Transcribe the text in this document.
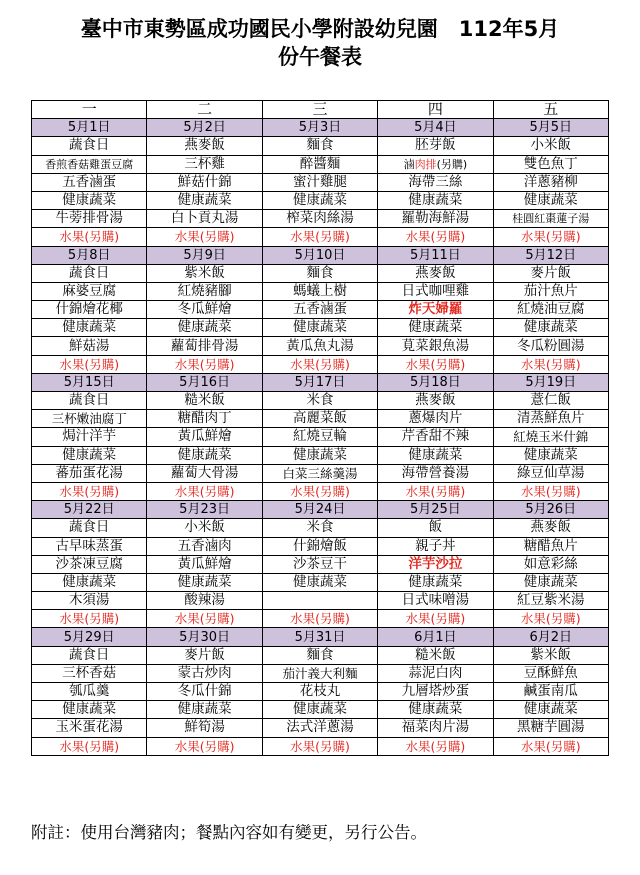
臺中市東勢區成功國民小學附設幼兒園　112年5月
份午餐表
一	二	三	四	五
5月1日	5月2日	5月3日	5月4日	5月5日
蔬食日	燕麥飯	麵食	胚芽飯	小米飯
香煎香菇雞蛋豆腐	三杯雞	醉醬麵	滷肉排(另購)	雙色魚丁
五香滷蛋	鮮菇什錦	蜜汁雞腿	海帶三絲	洋蔥豬柳
健康蔬菜	健康蔬菜	健康蔬菜	健康蔬菜	健康蔬菜
牛蒡排骨湯	白卜貢丸湯	榨菜肉絲湯	羅勒海鮮湯	桂圓紅棗蓮子湯
水果(另購)	水果(另購)	水果(另購)	水果(另購)	水果(另購)
5月8日	5月9日	5月10日	5月11日	5月12日
蔬食日	紫米飯	麵食	燕麥飯	麥片飯
麻婆豆腐	紅燒豬腳	螞蟻上樹	日式咖哩雞	茄汁魚片
什錦燴花椰	冬瓜鮮燴	五香滷蛋	炸天婦羅	紅燒油豆腐
健康蔬菜	健康蔬菜	健康蔬菜	健康蔬菜	健康蔬菜
鮮菇湯	蘿蔔排骨湯	黃瓜魚丸湯	莧菜銀魚湯	冬瓜粉圓湯
水果(另購)	水果(另購)	水果(另購)	水果(另購)	水果(另購)
5月15日	5月16日	5月17日	5月18日	5月19日
蔬食日	糙米飯	米食	燕麥飯	薏仁飯
三杯嫩油腐丁	糖醋肉丁	高麗菜飯	蔥爆肉片	清蒸鮮魚片
焗汁洋芋	黃瓜鮮燴	紅燒豆輪	芹香甜不辣	紅燒玉米什錦
健康蔬菜	健康蔬菜	健康蔬菜	健康蔬菜	健康蔬菜
蕃茄蛋花湯	蘿蔔大骨湯	白菜三絲羹湯	海帶營養湯	綠豆仙草湯
水果(另購)	水果(另購)	水果(另購)	水果(另購)	水果(另購)
5月22日	5月23日	5月24日	5月25日	5月26日
蔬食日	小米飯	米食	飯	燕麥飯
古早味蒸蛋	五香滷肉	什錦燴飯	親子丼	糖醋魚片
沙茶凍豆腐	黃瓜鮮燴	沙茶豆干	洋芋沙拉	如意彩絲
健康蔬菜	健康蔬菜	健康蔬菜	健康蔬菜	健康蔬菜
木須湯	酸辣湯		日式味噌湯	紅豆紫米湯
水果(另購)	水果(另購)	水果(另購)	水果(另購)	水果(另購)
5月29日	5月30日	5月31日	6月1日	6月2日
蔬食日	麥片飯	麵食	糙米飯	紫米飯
三杯香菇	蒙古炒肉	茄汁義大利麵	蒜泥白肉	豆酥鮮魚
瓠瓜羹	冬瓜什錦	花枝丸	九層塔炒蛋	鹹蛋南瓜
健康蔬菜	健康蔬菜	健康蔬菜	健康蔬菜	健康蔬菜
玉米蛋花湯	鮮筍湯	法式洋蔥湯	福菜肉片湯	黑糖芋圓湯
水果(另購)	水果(另購)	水果(另購)	水果(另購)	水果(另購)
附註：使用台灣豬肉；餐點內容如有變更，另行公告。
